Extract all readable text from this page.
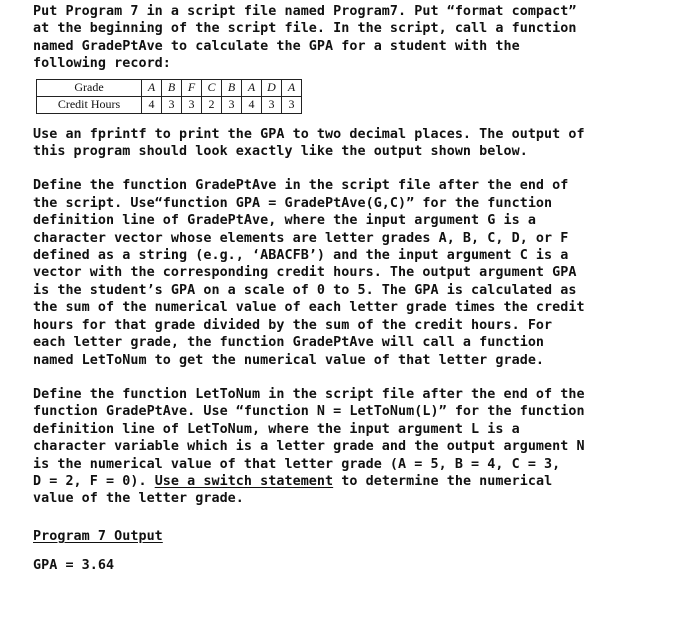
Put Program 7 in a script file named Program7. Put “format compact”
at the beginning of the script file. In the script, call a function
named GradePtAve to calculate the GPA for a student with the
following record:
Grade	A	B	F	C	B	A	D	A
Credit Hours	4	3	3	2	3	4	3	3
Use an fprintf to print the GPA to two decimal places. The output of
this program should look exactly like the output shown below.
Define the function GradePtAve in the script file after the end of
the script. Use“function GPA = GradePtAve(G,C)” for the function
definition line of GradePtAve, where the input argument G is a
character vector whose elements are letter grades A, B, C, D, or F
defined as a string (e.g., ‘ABACFB’) and the input argument C is a
vector with the corresponding credit hours. The output argument GPA
is the student’s GPA on a scale of 0 to 5. The GPA is calculated as
the sum of the numerical value of each letter grade times the credit
hours for that grade divided by the sum of the credit hours. For
each letter grade, the function GradePtAve will call a function
named LetToNum to get the numerical value of that letter grade.
Define the function LetToNum in the script file after the end of the
function GradePtAve. Use “function N = LetToNum(L)” for the function
definition line of LetToNum, where the input argument L is a
character variable which is a letter grade and the output argument N
is the numerical value of that letter grade (A = 5, B = 4, C = 3,
D = 2, F = 0). Use a switch statement to determine the numerical
value of the letter grade.
Program 7 Output
GPA = 3.64
